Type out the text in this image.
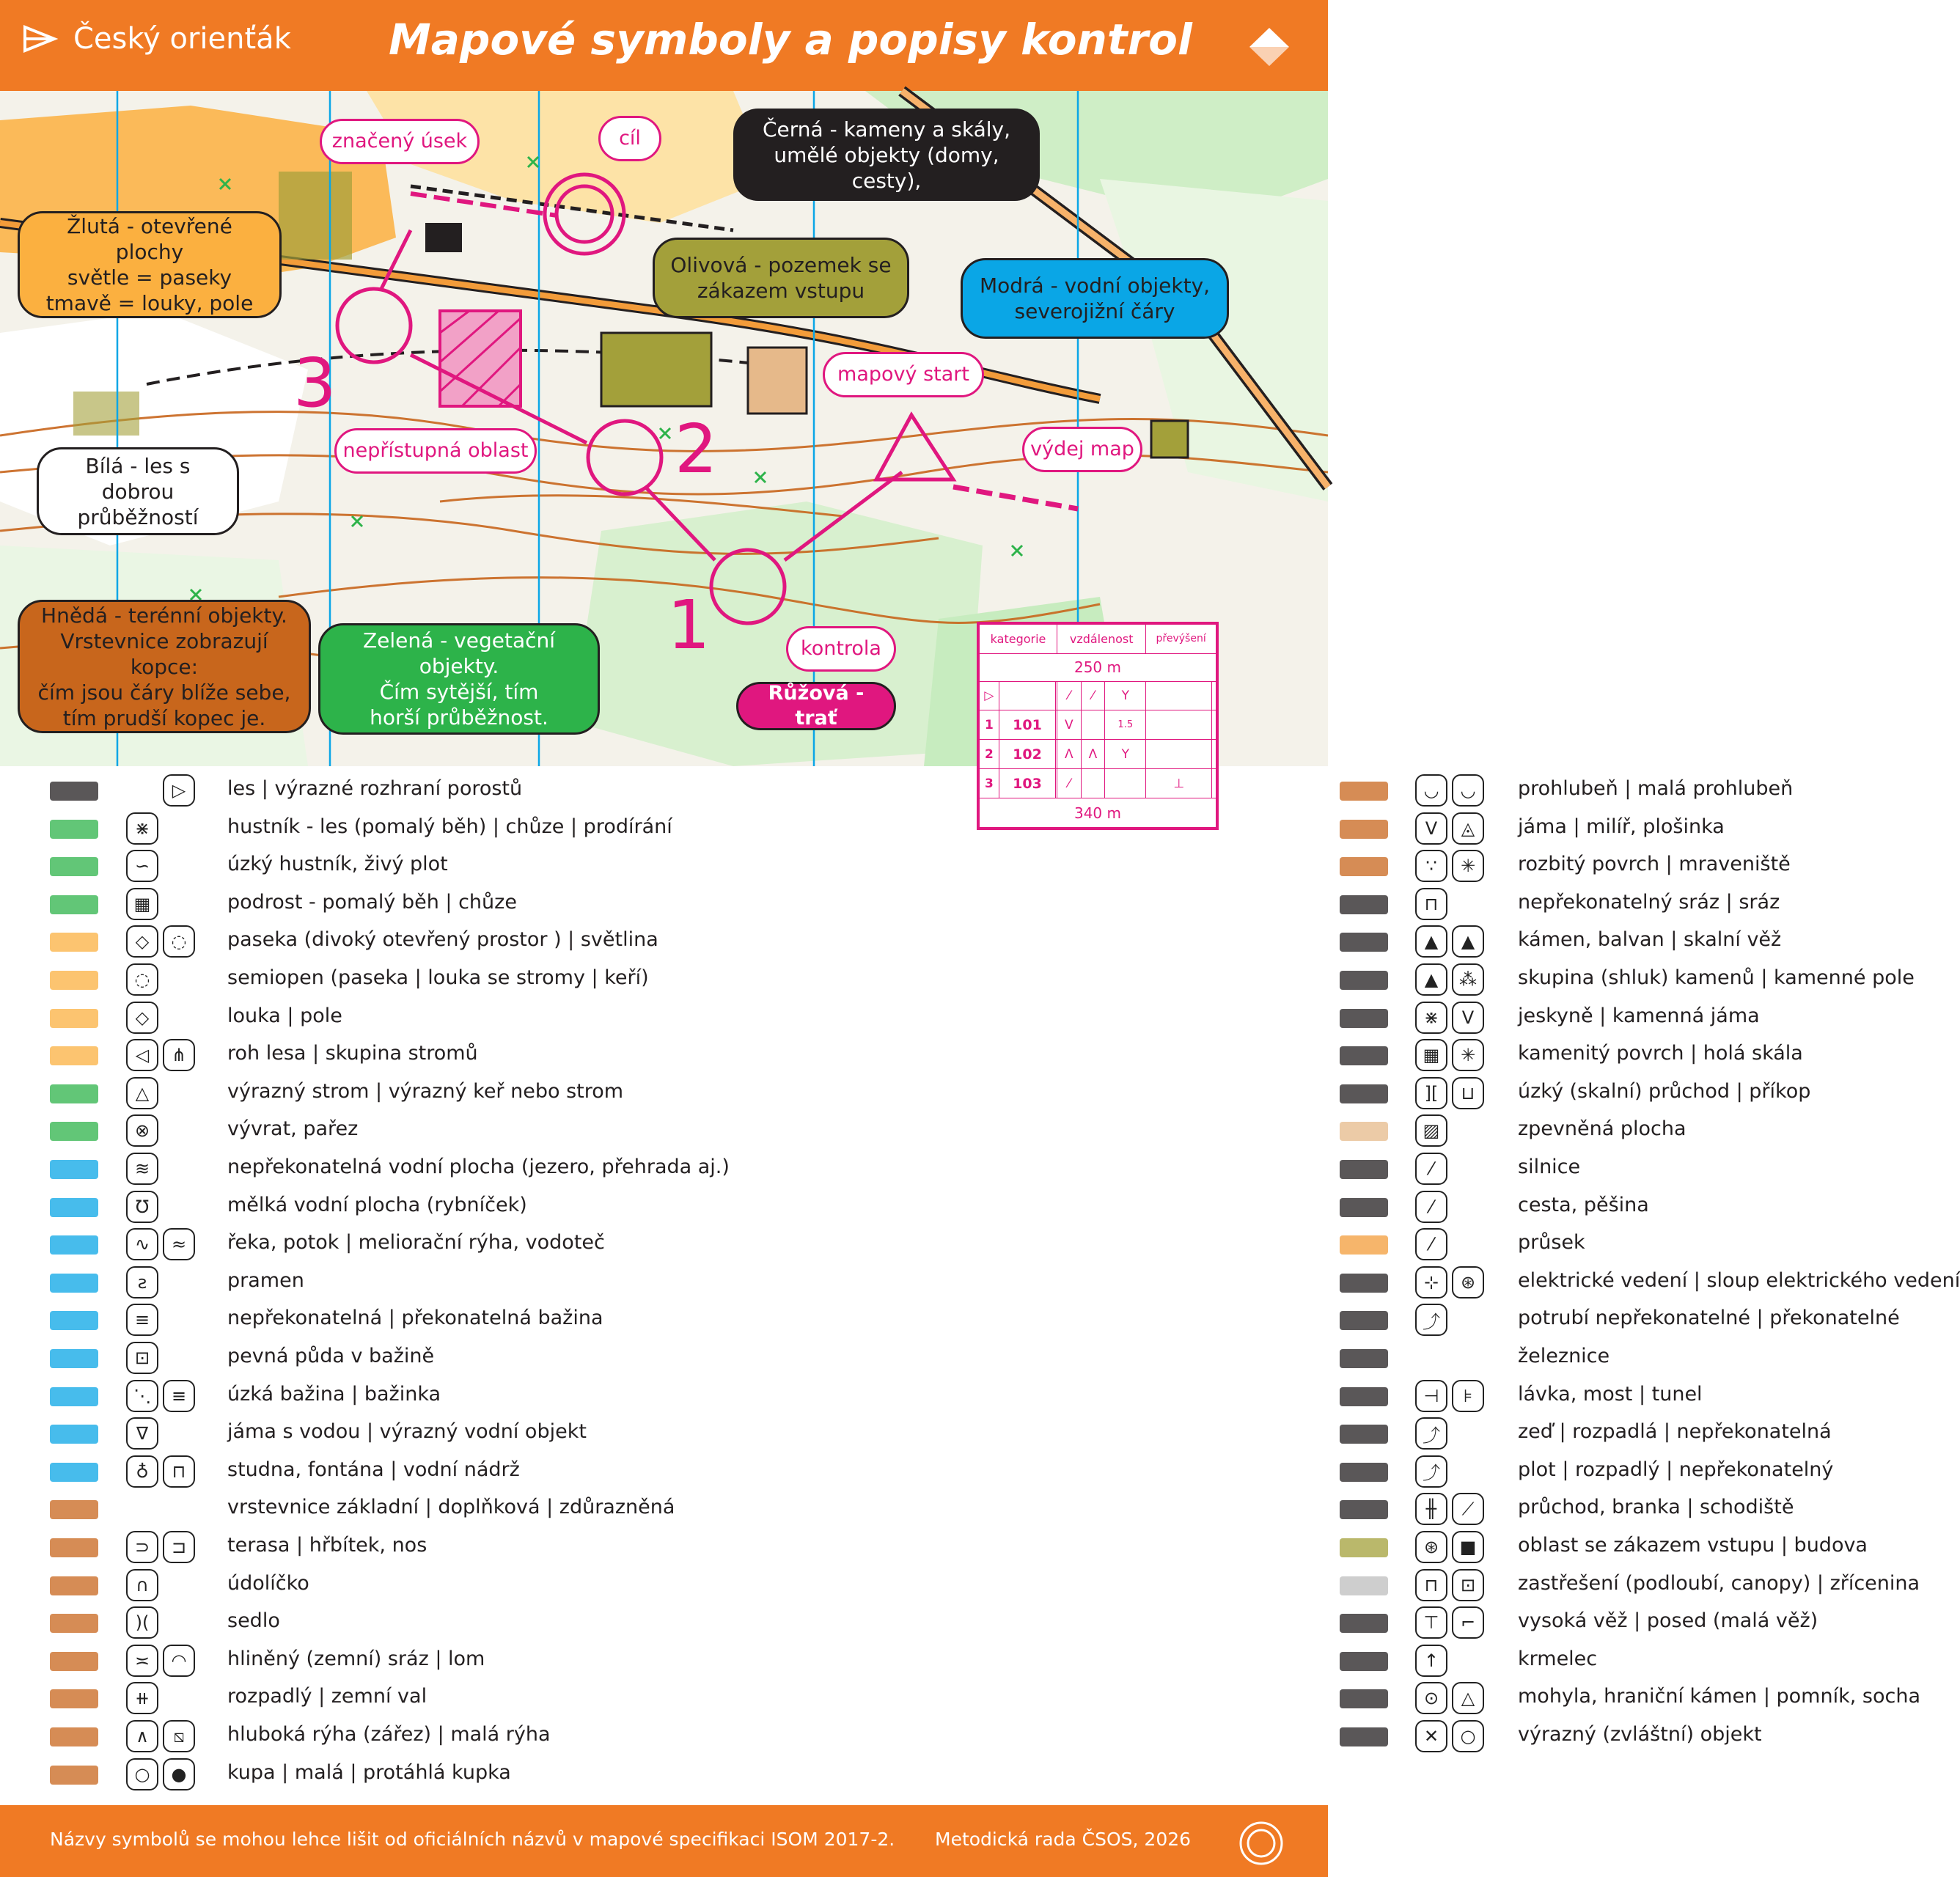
Český orienťák Mapové symboly a popisy kontrol
3
2
1
Žlutá - otevřené plochy
světle = paseky
tmavě = louky, pole
Černá - kameny a skály,
umělé objekty (domy, cesty),
Olivová - pozemek se
zákazem vstupu	Modrá - vodní objekty,
severojižní čáry
Bílá - les s dobrou
průběžností
Hnědá - terénní objekty.
Vrstevnice zobrazují kopce:
čím jsou čáry blíže sebe,
tím prudší kopec je.
Zelená - vegetační objekty.
Čím sytější, tím
horší průběžnost.
Růžová - trať
značený úsek	cíl
mapový start
výdej map
nepřístupná oblast
kontrola	kategorie			vzdálenost			převýšení	
250 m							
▷			⁄	⁄	Y		
1	101		V		1.5		
2	102		Λ	Λ	Y		
3	103		⁄			⊥	
340 m							
▷	les | výrazné rozhraní porostů
⋇	hustník - les (pomalý běh) | chůze | prodírání
∽	úzký hustník, živý plot
▦	podrost - pomalý běh | chůze
◇	◌	paseka (divoký otevřený prostor ) | světlina
◌	semiopen (paseka | louka se stromy | keří)
◇	louka | pole
◁	⋔	roh lesa | skupina stromů
△	výrazný strom | výrazný keř nebo strom
⊗	vývrat, pařez
≋	nepřekonatelná vodní plocha (jezero, přehrada aj.)
Ʊ	mělká vodní plocha (rybníček)
∿	≈	řeka, potok | meliorační rýha, vodoteč
ƨ	pramen
≡	nepřekonatelná | překonatelná bažina
⊡	pevná půda v bažině
⋱	≡	úzká bažina | bažinka
∇	jáma s vodou | výrazný vodní objekt
♁	⊓	studna, fontána | vodní nádrž
vrstevnice základní | doplňková | zdůrazněná
⊃	⊐	terasa | hřbítek, nos
∩	údolíčko
)(	sedlo
≍	◠	hliněný (zemní) sráz | lom
⧺	rozpadlý | zemní val
∧	⧅	hluboká rýha (zářez) | malá rýha
○	●	kupa | malá | protáhlá kupka
◡	◡	prohlubeň | malá prohlubeň
V	◬	jáma | milíř, plošinka
∵	✳	rozbitý povrch | mraveniště
⊓	nepřekonatelný sráz | sráz
▲	▲	kámen, balvan | skalní věž
▲	⁂	skupina (shluk) kamenů | kamenné pole
⋇	V	jeskyně | kamenná jáma
▦	✳	kamenitý povrch | holá skála
][	⊔	úzký (skalní) průchod | příkop
▨	zpevněná plocha
⁄	silnice
⁄	cesta, pěšina
⁄	průsek
⊹	⊛	elektrické vedení | sloup elektrického vedení
⤴	potrubí nepřekonatelné | překonatelné
železnice
⊣	⊧	lávka, most | tunel
⤴	zeď | rozpadlá | nepřekonatelná
⤴	plot | rozpadlý | nepřekonatelný
╫	⟋	průchod, branka | schodiště
⊛	■	oblast se zákazem vstupu | budova
⊓	⊡	zastřešení (podloubí, canopy) | zřícenina
⊤	⌐	vysoká věž | posed (malá věž)
↑	krmelec
⊙	△	mohyla, hraniční kámen | pomník, socha
✕	○	výrazný (zvláštní) objekt
Názvy symbolů se mohou lehce lišit od oficiálních názvů v mapové specifikaci ISOM 2017-2. Metodická rada ČSOS, 2026
